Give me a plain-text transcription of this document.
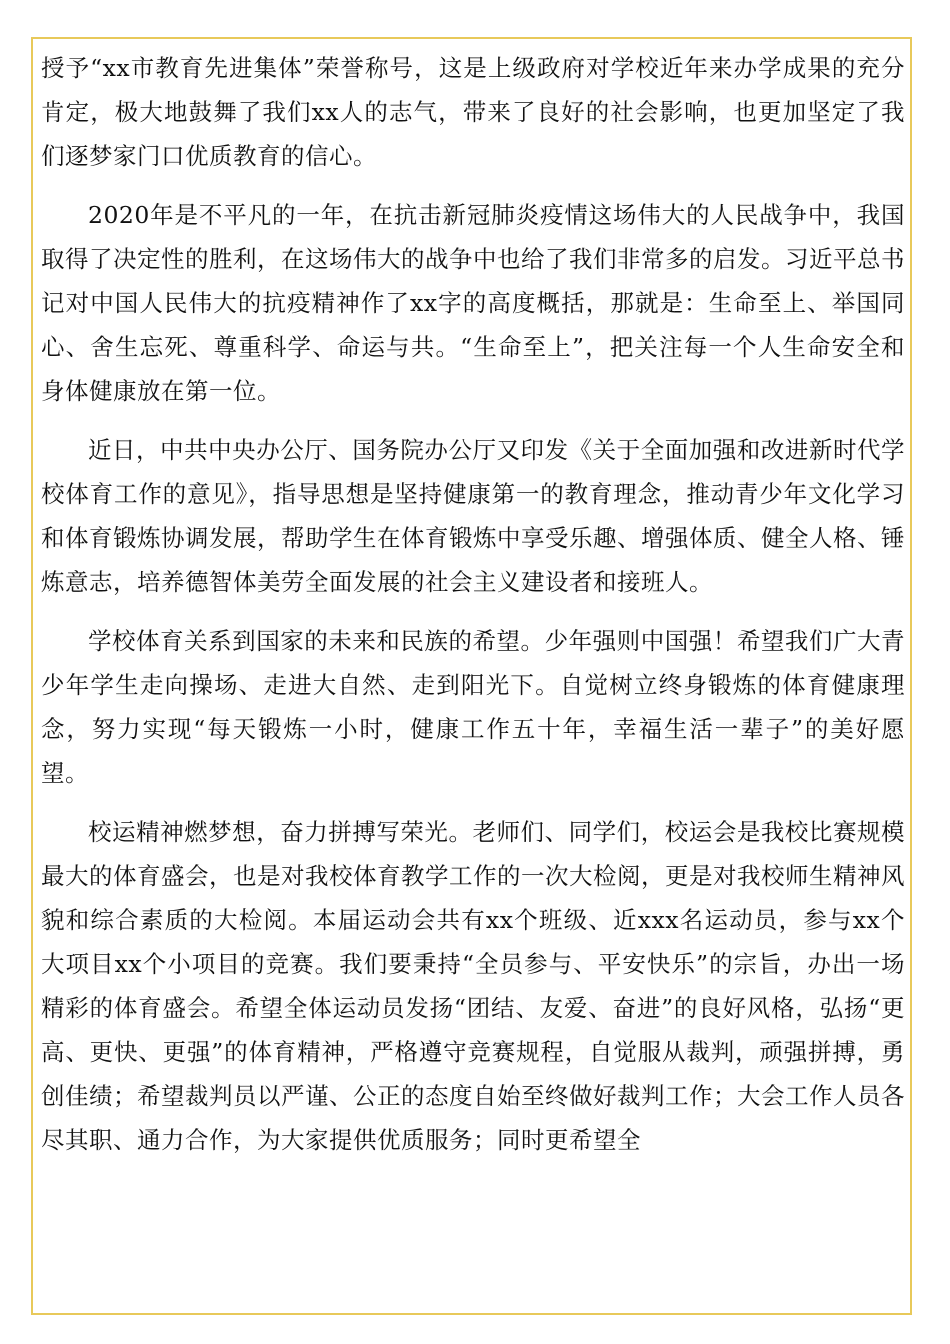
授予“xx市教育先进集体”荣誉称号，这是上级政府对学校近年来办学成果的充分肯定，极大地鼓舞了我们xx人的志气，带来了良好的社会影响，也更加坚定了我们逐梦家门口优质教育的信心。

2020年是不平凡的一年，在抗击新冠肺炎疫情这场伟大的人民战争中，我国取得了决定性的胜利，在这场伟大的战争中也给了我们非常多的启发。习近平总书记对中国人民伟大的抗疫精神作了xx字的高度概括，那就是：生命至上、举国同心、舍生忘死、尊重科学、命运与共。“生命至上”，把关注每一个人生命安全和身体健康放在第一位。

近日，中共中央办公厅、国务院办公厅又印发《关于全面加强和改进新时代学校体育工作的意见》，指导思想是坚持健康第一的教育理念，推动青少年文化学习和体育锻炼协调发展，帮助学生在体育锻炼中享受乐趣、增强体质、健全人格、锤炼意志，培养德智体美劳全面发展的社会主义建设者和接班人。

学校体育关系到国家的未来和民族的希望。少年强则中国强！希望我们广大青少年学生走向操场、走进大自然、走到阳光下。自觉树立终身锻炼的体育健康理念，努力实现“每天锻炼一小时，健康工作五十年，幸福生活一辈子”的美好愿望。

校运精神燃梦想，奋力拼搏写荣光。老师们、同学们，校运会是我校比赛规模最大的体育盛会，也是对我校体育教学工作的一次大检阅，更是对我校师生精神风貌和综合素质的大检阅。本届运动会共有xx个班级、近xxx名运动员，参与xx个大项目xx个小项目的竞赛。我们要秉持“全员参与、平安快乐”的宗旨，办出一场精彩的体育盛会。希望全体运动员发扬“团结、友爱、奋进”的良好风格，弘扬“更高、更快、更强”的体育精神，严格遵守竞赛规程，自觉服从裁判，顽强拼搏，勇创佳绩；希望裁判员以严谨、公正的态度自始至终做好裁判工作；大会工作人员各尽其职、通力合作，为大家提供优质服务；同时更希望全
